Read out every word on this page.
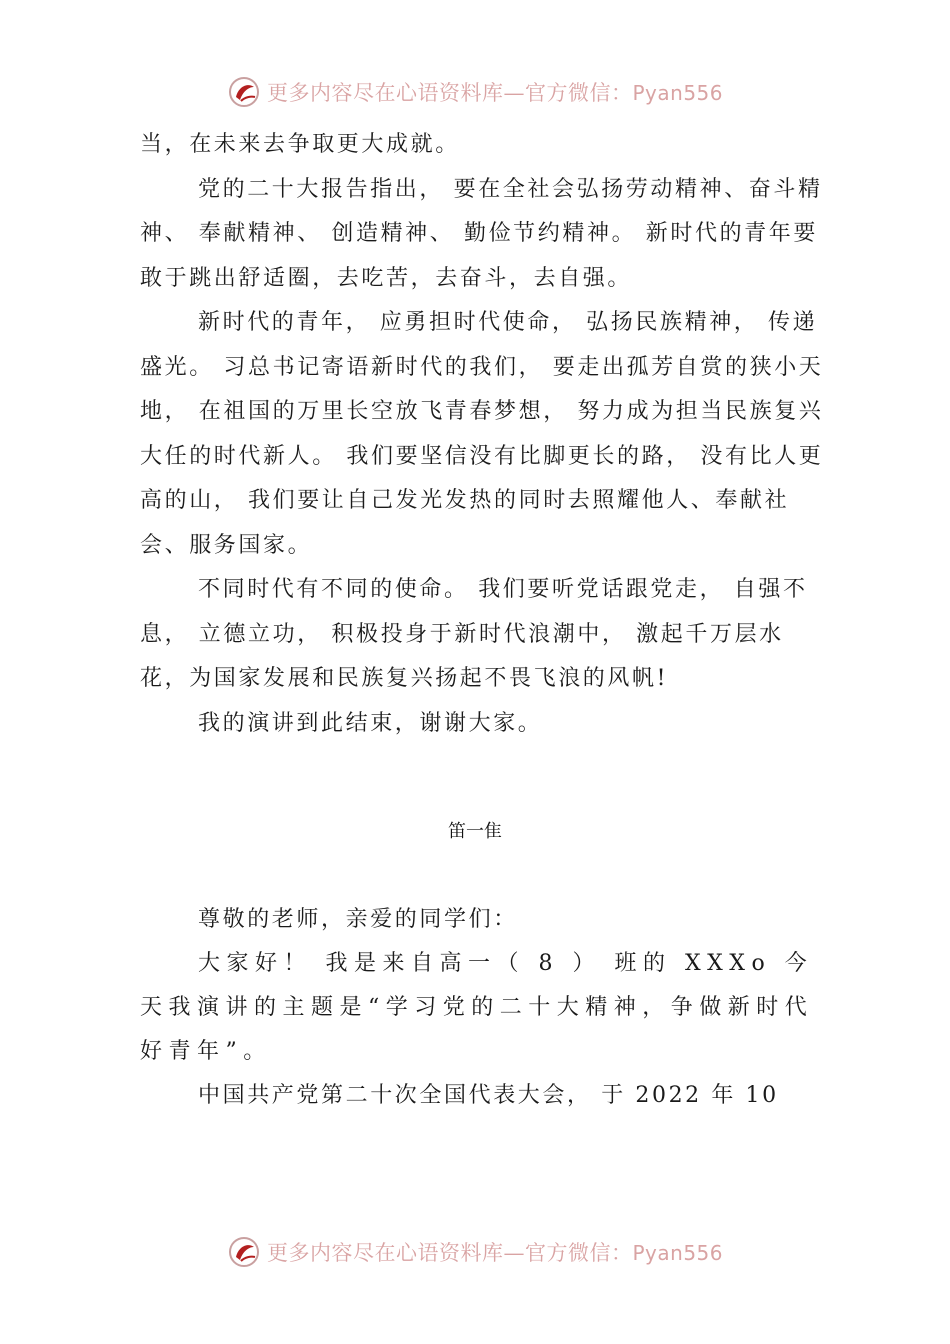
更多内容尽在心语资料库—官方微信：Pyan556

当，在未来去争取更大成就。

党的二十大报告指出， 要在全社会弘扬劳动精神、奋斗精神、 奉献精神、 创造精神、 勤俭节约精神。 新时代的青年要敢于跳出舒适圈，去吃苦，去奋斗，去自强。

新时代的青年， 应勇担时代使命， 弘扬民族精神， 传递盛光。 习总书记寄语新时代的我们， 要走出孤芳自赏的狭小天地， 在祖国的万里长空放飞青春梦想， 努力成为担当民族复兴大任的时代新人。 我们要坚信没有比脚更长的路， 没有比人更高的山， 我们要让自己发光发热的同时去照耀他人、奉献社会、服务国家。

不同时代有不同的使命。 我们要听党话跟党走， 自强不息， 立德立功， 积极投身于新时代浪潮中， 激起千万层水花，为国家发展和民族复兴扬起不畏飞浪的风帆!

我的演讲到此结束，谢谢大家。

笛一隹

尊敬的老师，亲爱的同学们：

大家好！ 我是来自高一（ 8 ） 班的 XXXo 今天我演讲的主题是“学习党的二十大精神，争做新时代好青年”。

中国共产党第二十次全国代表大会， 于 2022 年 10

更多内容尽在心语资料库—官方微信：Pyan556
